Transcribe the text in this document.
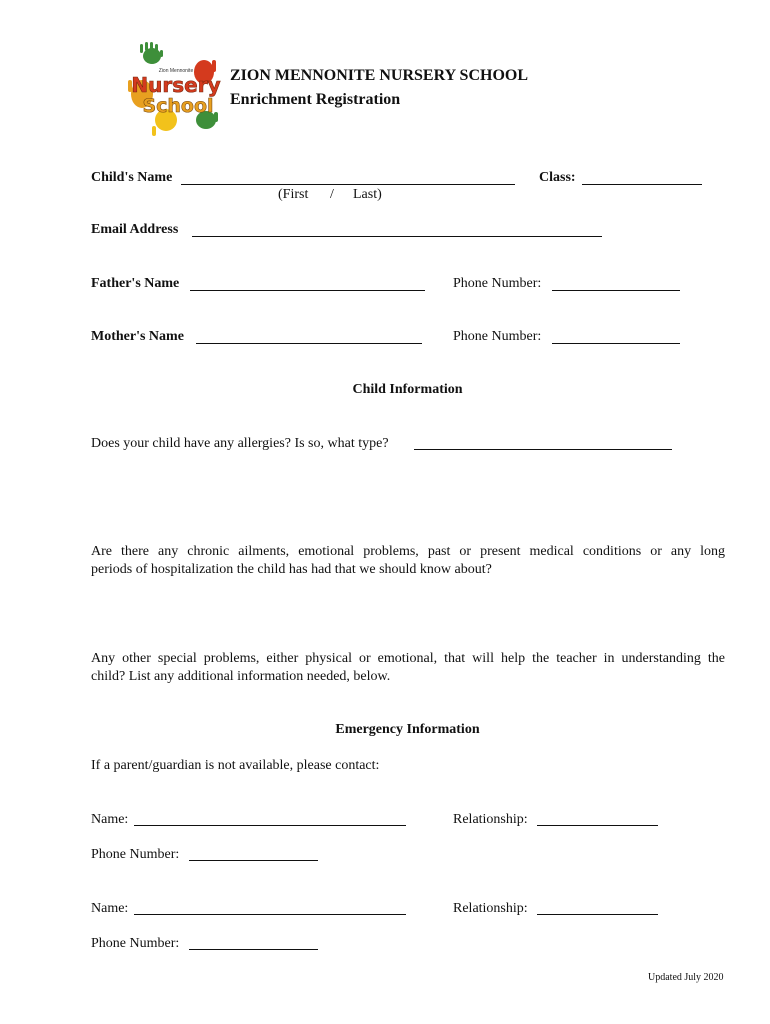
Zion Mennonite
Nursery
School
ZION MENNONITE NURSERY SCHOOL
Enrichment Registration
Child's Name	Class:
(First / Last)
Email Address
Father's Name	Phone Number:
Mother's Name	Phone Number:
Child Information
Does your child have any allergies? Is so, what type?
Are there any chronic ailments, emotional problems, past or present medical conditions or any long
periods of hospitalization the child has had that we should know about?
Any other special problems, either physical or emotional, that will help the teacher in understanding the
child? List any additional information needed, below.
Emergency Information
If a parent/guardian is not available, please contact:
Name:	Relationship:
Phone Number:
Name:	Relationship:
Phone Number:
Updated July 2020
